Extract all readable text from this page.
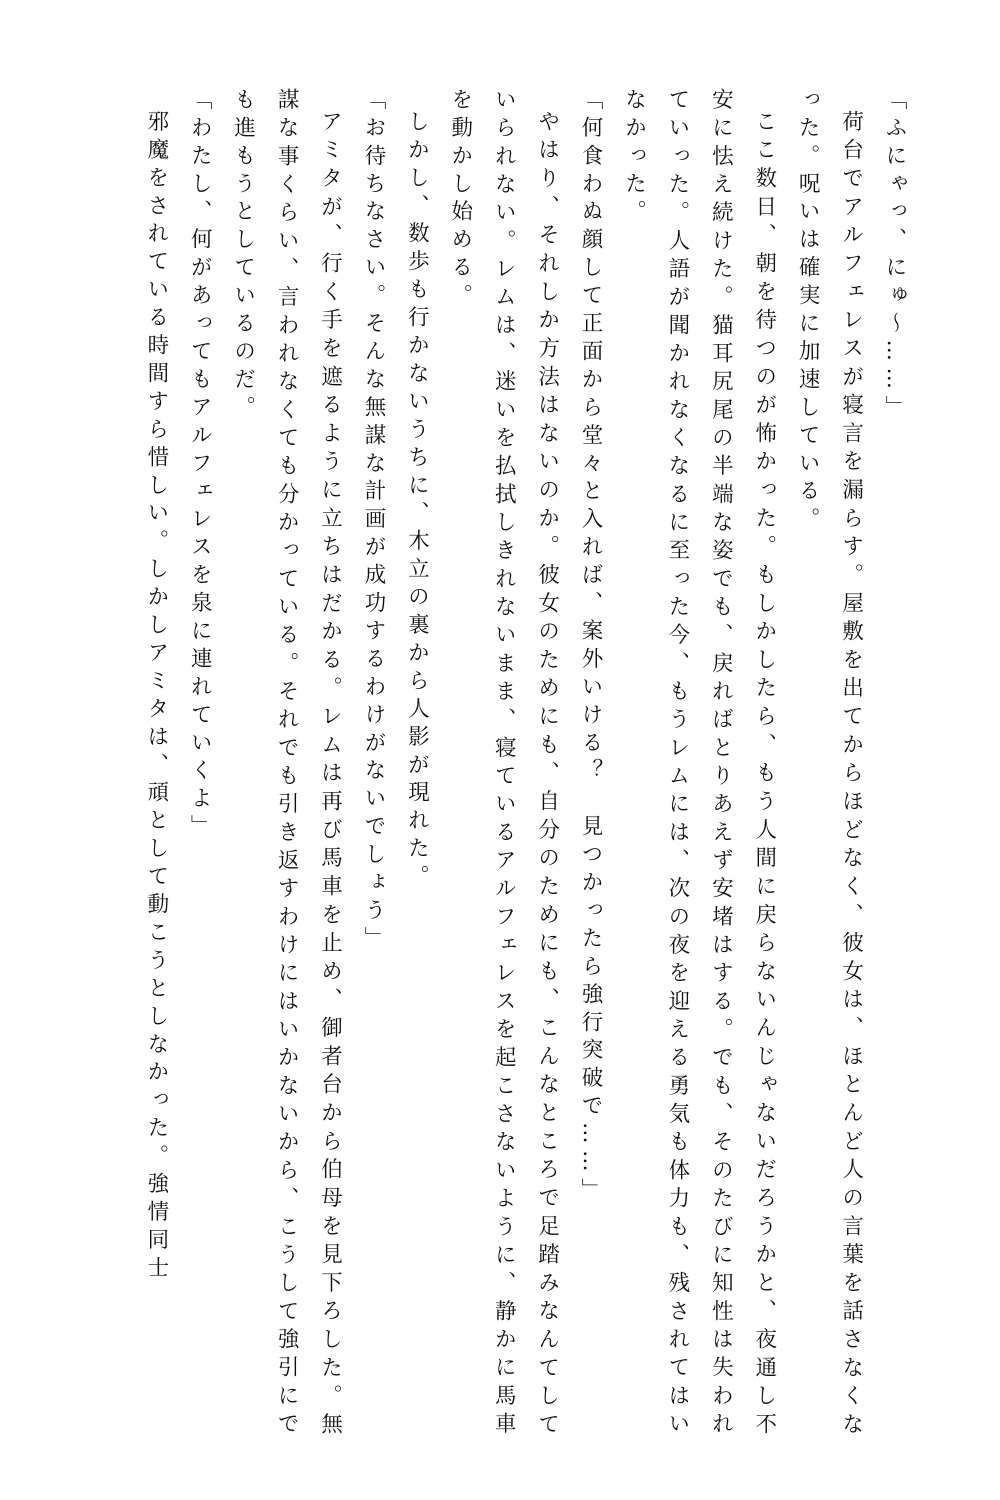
「ふにゃっ、にゅ～……」

荷台でアルフェレスが寝言を漏らす。屋敷を出てからほどなく、彼女は、ほとんど人の言葉を話さなくなった。呪いは確実に加速している。

ここ数日、朝を待つのが怖かった。もしかしたら、もう人間に戻らないんじゃないだろうかと、夜通し不安に怯え続けた。猫耳尻尾の半端な姿でも、戻ればとりあえず安堵はする。でも、そのたびに知性は失われていった。人語が聞かれなくなるに至った今、もうレムには、次の夜を迎える勇気も体力も、残されてはいなかった。

「何食わぬ顔して正面から堂々と入れば、案外いける？　見つかったら強行突破で……」

やはり、それしか方法はないのか。彼女のためにも、自分のためにも、こんなところで足踏みなんてしていられない。レムは、迷いを払拭しきれないまま、寝ているアルフェレスを起こさないように、静かに馬車を動かし始める。

しかし、数歩も行かないうちに、木立の裏から人影が現れた。

「お待ちなさい。そんな無謀な計画が成功するわけがないでしょう」

アミタが、行く手を遮るように立ちはだかる。レムは再び馬車を止め、御者台から伯母を見下ろした。無謀な事くらい、言われなくても分かっている。それでも引き返すわけにはいかないから、こうして強引にでも進もうとしているのだ。

「わたし、何があってもアルフェレスを泉に連れていくよ」

邪魔をされている時間すら惜しい。しかしアミタは、頑として動こうとしなかった。強情同士
